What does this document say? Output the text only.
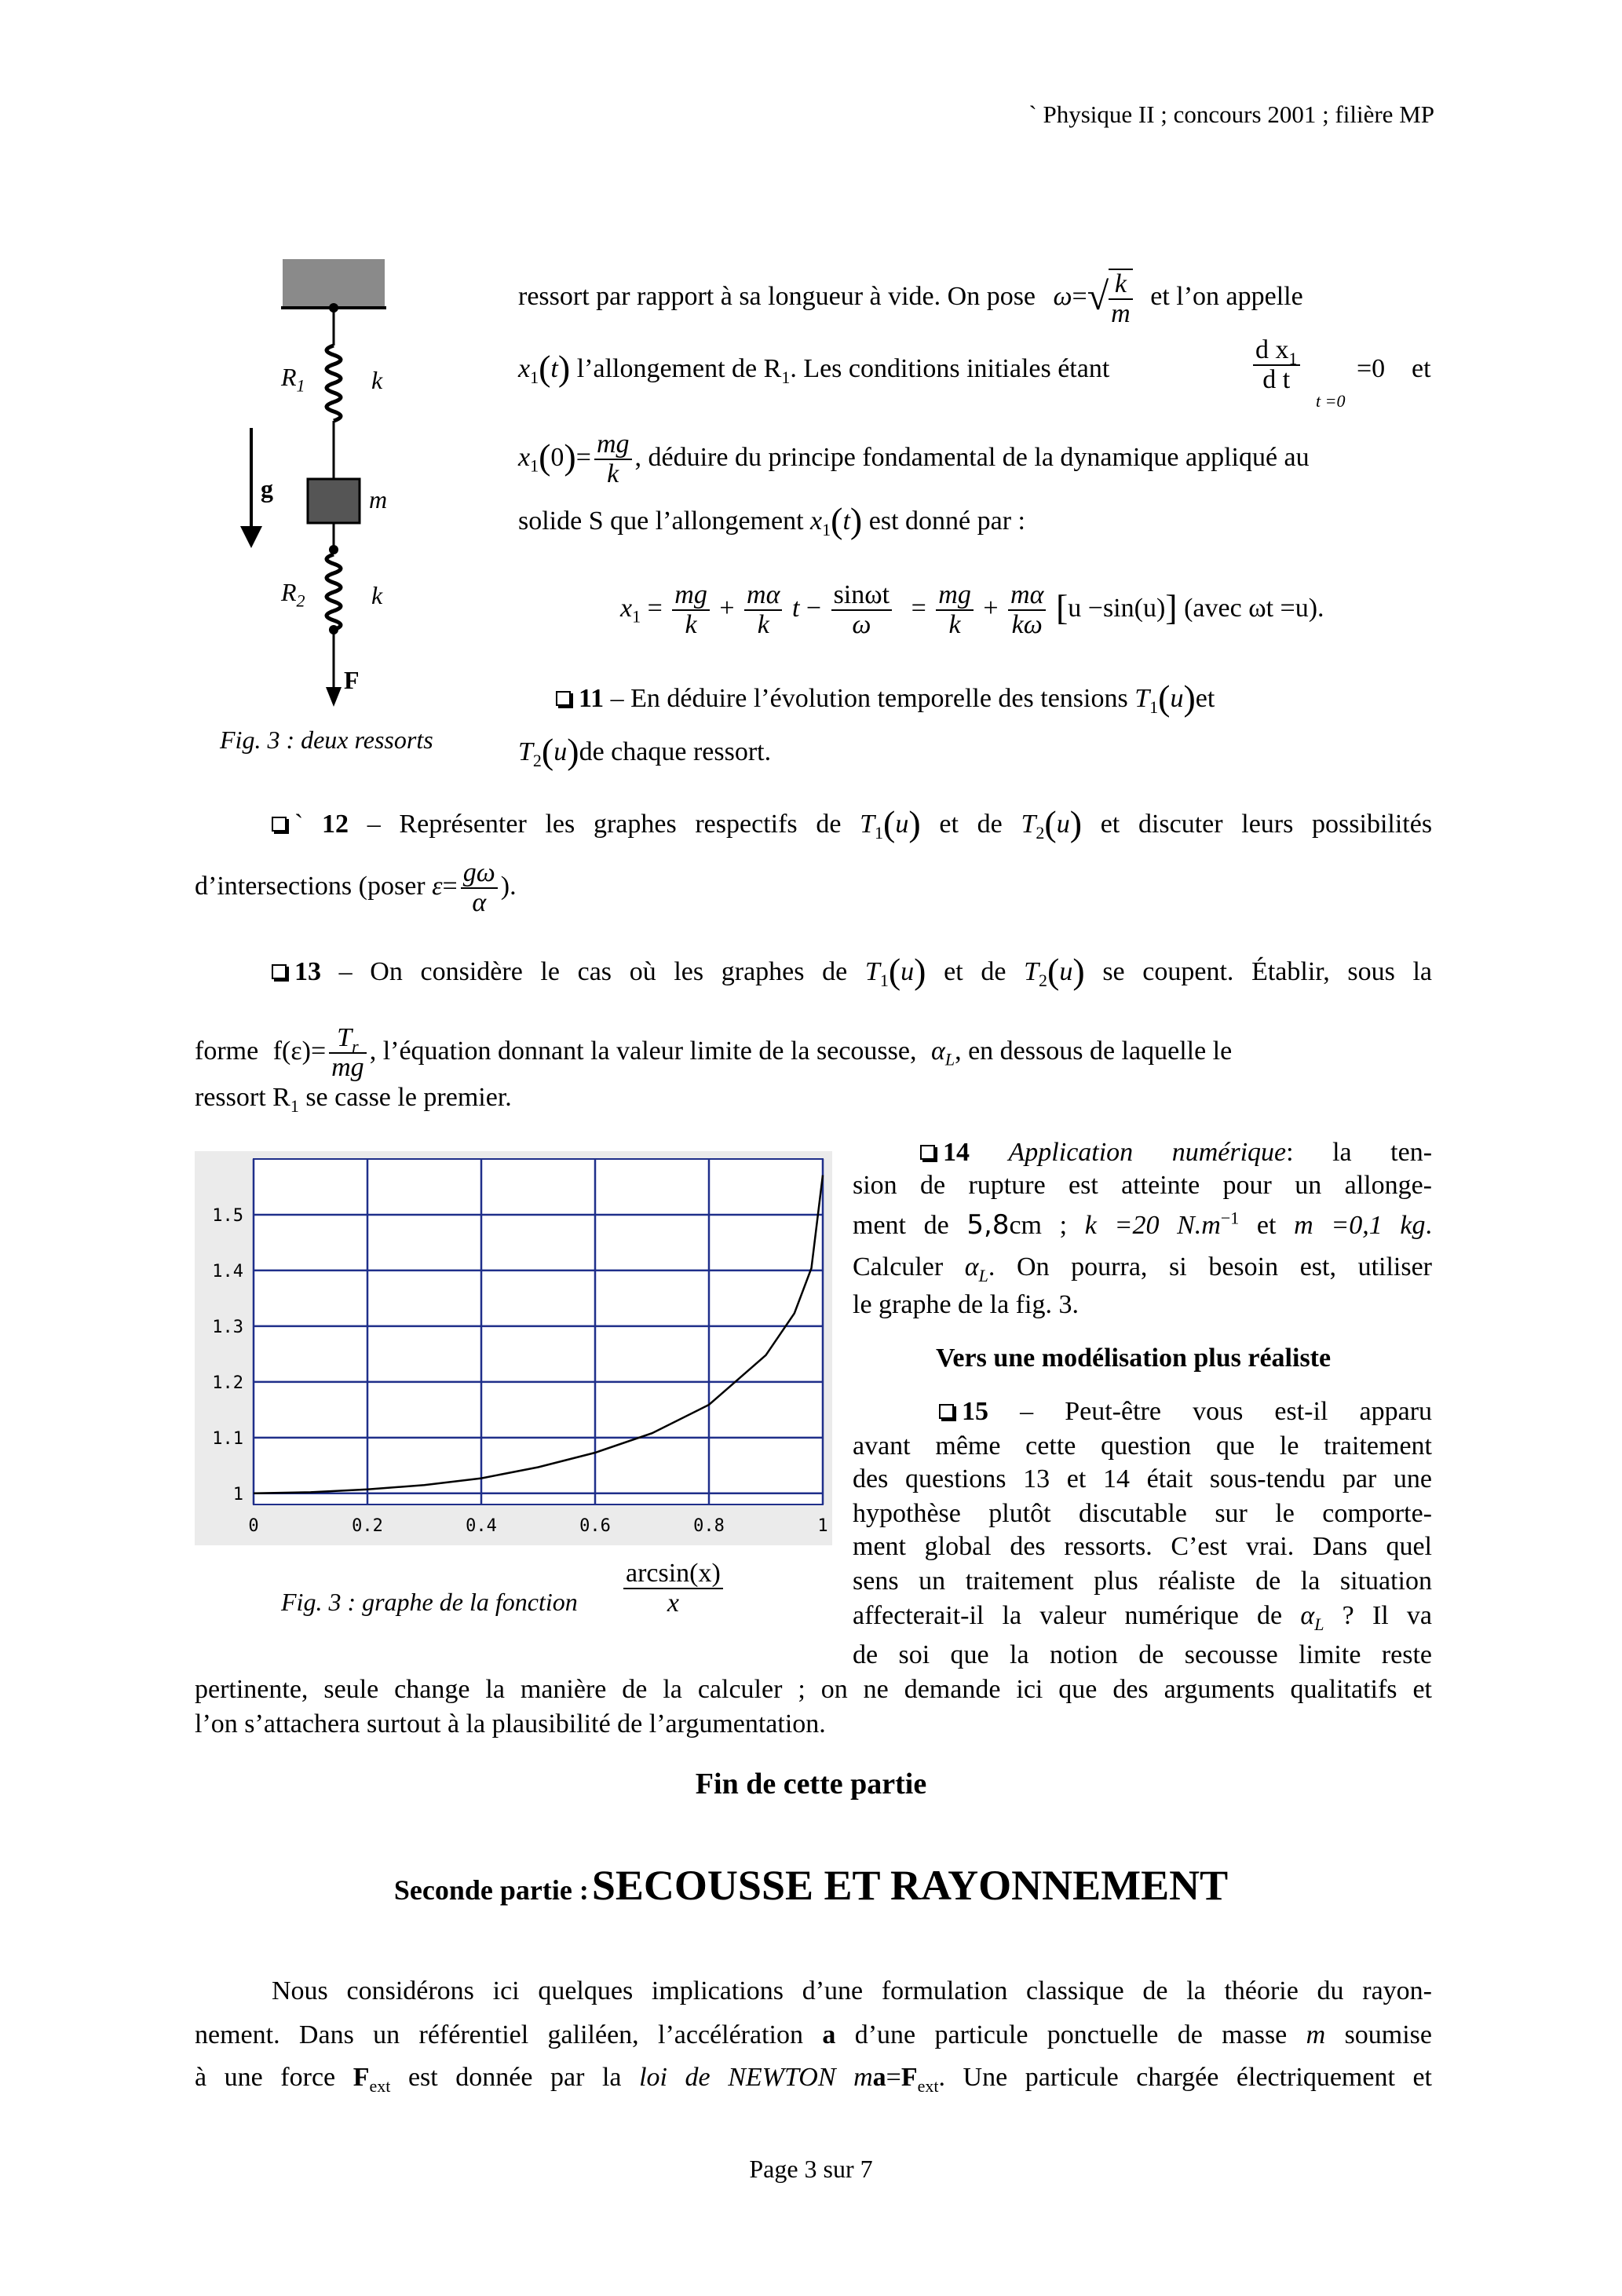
` Physique II ; concours 2001 ; filière MP
$R_1$	k
g	m
$R_2$	k
F
Fig. 3 : deux ressorts
ressort par rapport à sa longueur à vide. On pose $\omega=√ \frac{k}{m}$ et l’on appelle
$x_1(t)$ l’allongement de $R_1$. Les conditions initiales étant	$\frac{d x_1}{\text{d t}}$
t =0
=0 et
$x_1(0)= \frac{mg}{k}$ , déduire du principe fondamental de la dynamique appliqué au
solide S que l’allongement $x_1(t)$ est donné par :
$x_1 = \frac{mg}{k} + \frac{m\alpha}{k}$ $t - \frac{\sin\omega t}{\omega} = \frac{mg}{k} + \frac{m\alpha}{k\omega} [u -\sin(u)]$ (avec ωt =u).
11 – En déduire l’évolution temporelle des tensions $T_1(u)et$
$T_2(u)de$ chaque ressort.
` 12 – Représenter les graphes respectifs de $T_1(u)$ et de $T_2(u)$ et discuter leurs possibilités
d’intersections (poser $\varepsilon= \frac{g\omega}{\alpha}$ ).
13 – On considère le cas où les graphes de $T_1(u)$ et de $T_2(u)$ se coupent. Établir, sous la
forme $f(\varepsilon)= \frac{T_r}{mg}$ , l’équation donnant la valeur limite de la secousse, $\alpha_L$, en dessous de laquelle le
ressort $R_1$ se casse le premier.
0	0.2	0.4	0.6	0.8	1
1
1.1
1.2
1.3
1.4
1.5
Fig. 3 : graphe de la fonction $\frac{\arcsin(x)}{x}$
14 Application numérique: la ten-
sion de rupture est atteinte pour un allonge-
ment de 5,8cm ; k =20 $N.m^{-1}$ et m =0,1 kg.
Calculer $\alpha_L$. On pourra, si besoin est, utiliser
le graphe de la fig. 3.
Vers une modélisation plus réaliste
15 – Peut-être vous est-il apparu
avant même cette question que le traitement
des questions 13 et 14 était sous-tendu par une
hypothèse plutôt discutable sur le comporte-
ment global des ressorts. C’est vrai. Dans quel
sens un traitement plus réaliste de la situation
affecterait-il la valeur numérique de $\alpha_L$ ? Il va
de soi que la notion de secousse limite reste
pertinente, seule change la manière de la calculer ; on ne demande ici que des arguments qualitatifs et
l’on s’attachera surtout à la plausibilité de l’argumentation.
Fin de cette partie
Seconde partie : SECOUSSE ET RAYONNEMENT
Nous considérons ici quelques implications d’une formulation classique de la théorie du rayon-
nement. Dans un référentiel galiléen, l’accélération a d’une particule ponctuelle de masse m soumise
à une force $F_{ext}$ est donnée par la loi de NEWTON $ma=F_{ext}$. Une particule chargée électriquement et
Page 3 sur 7
